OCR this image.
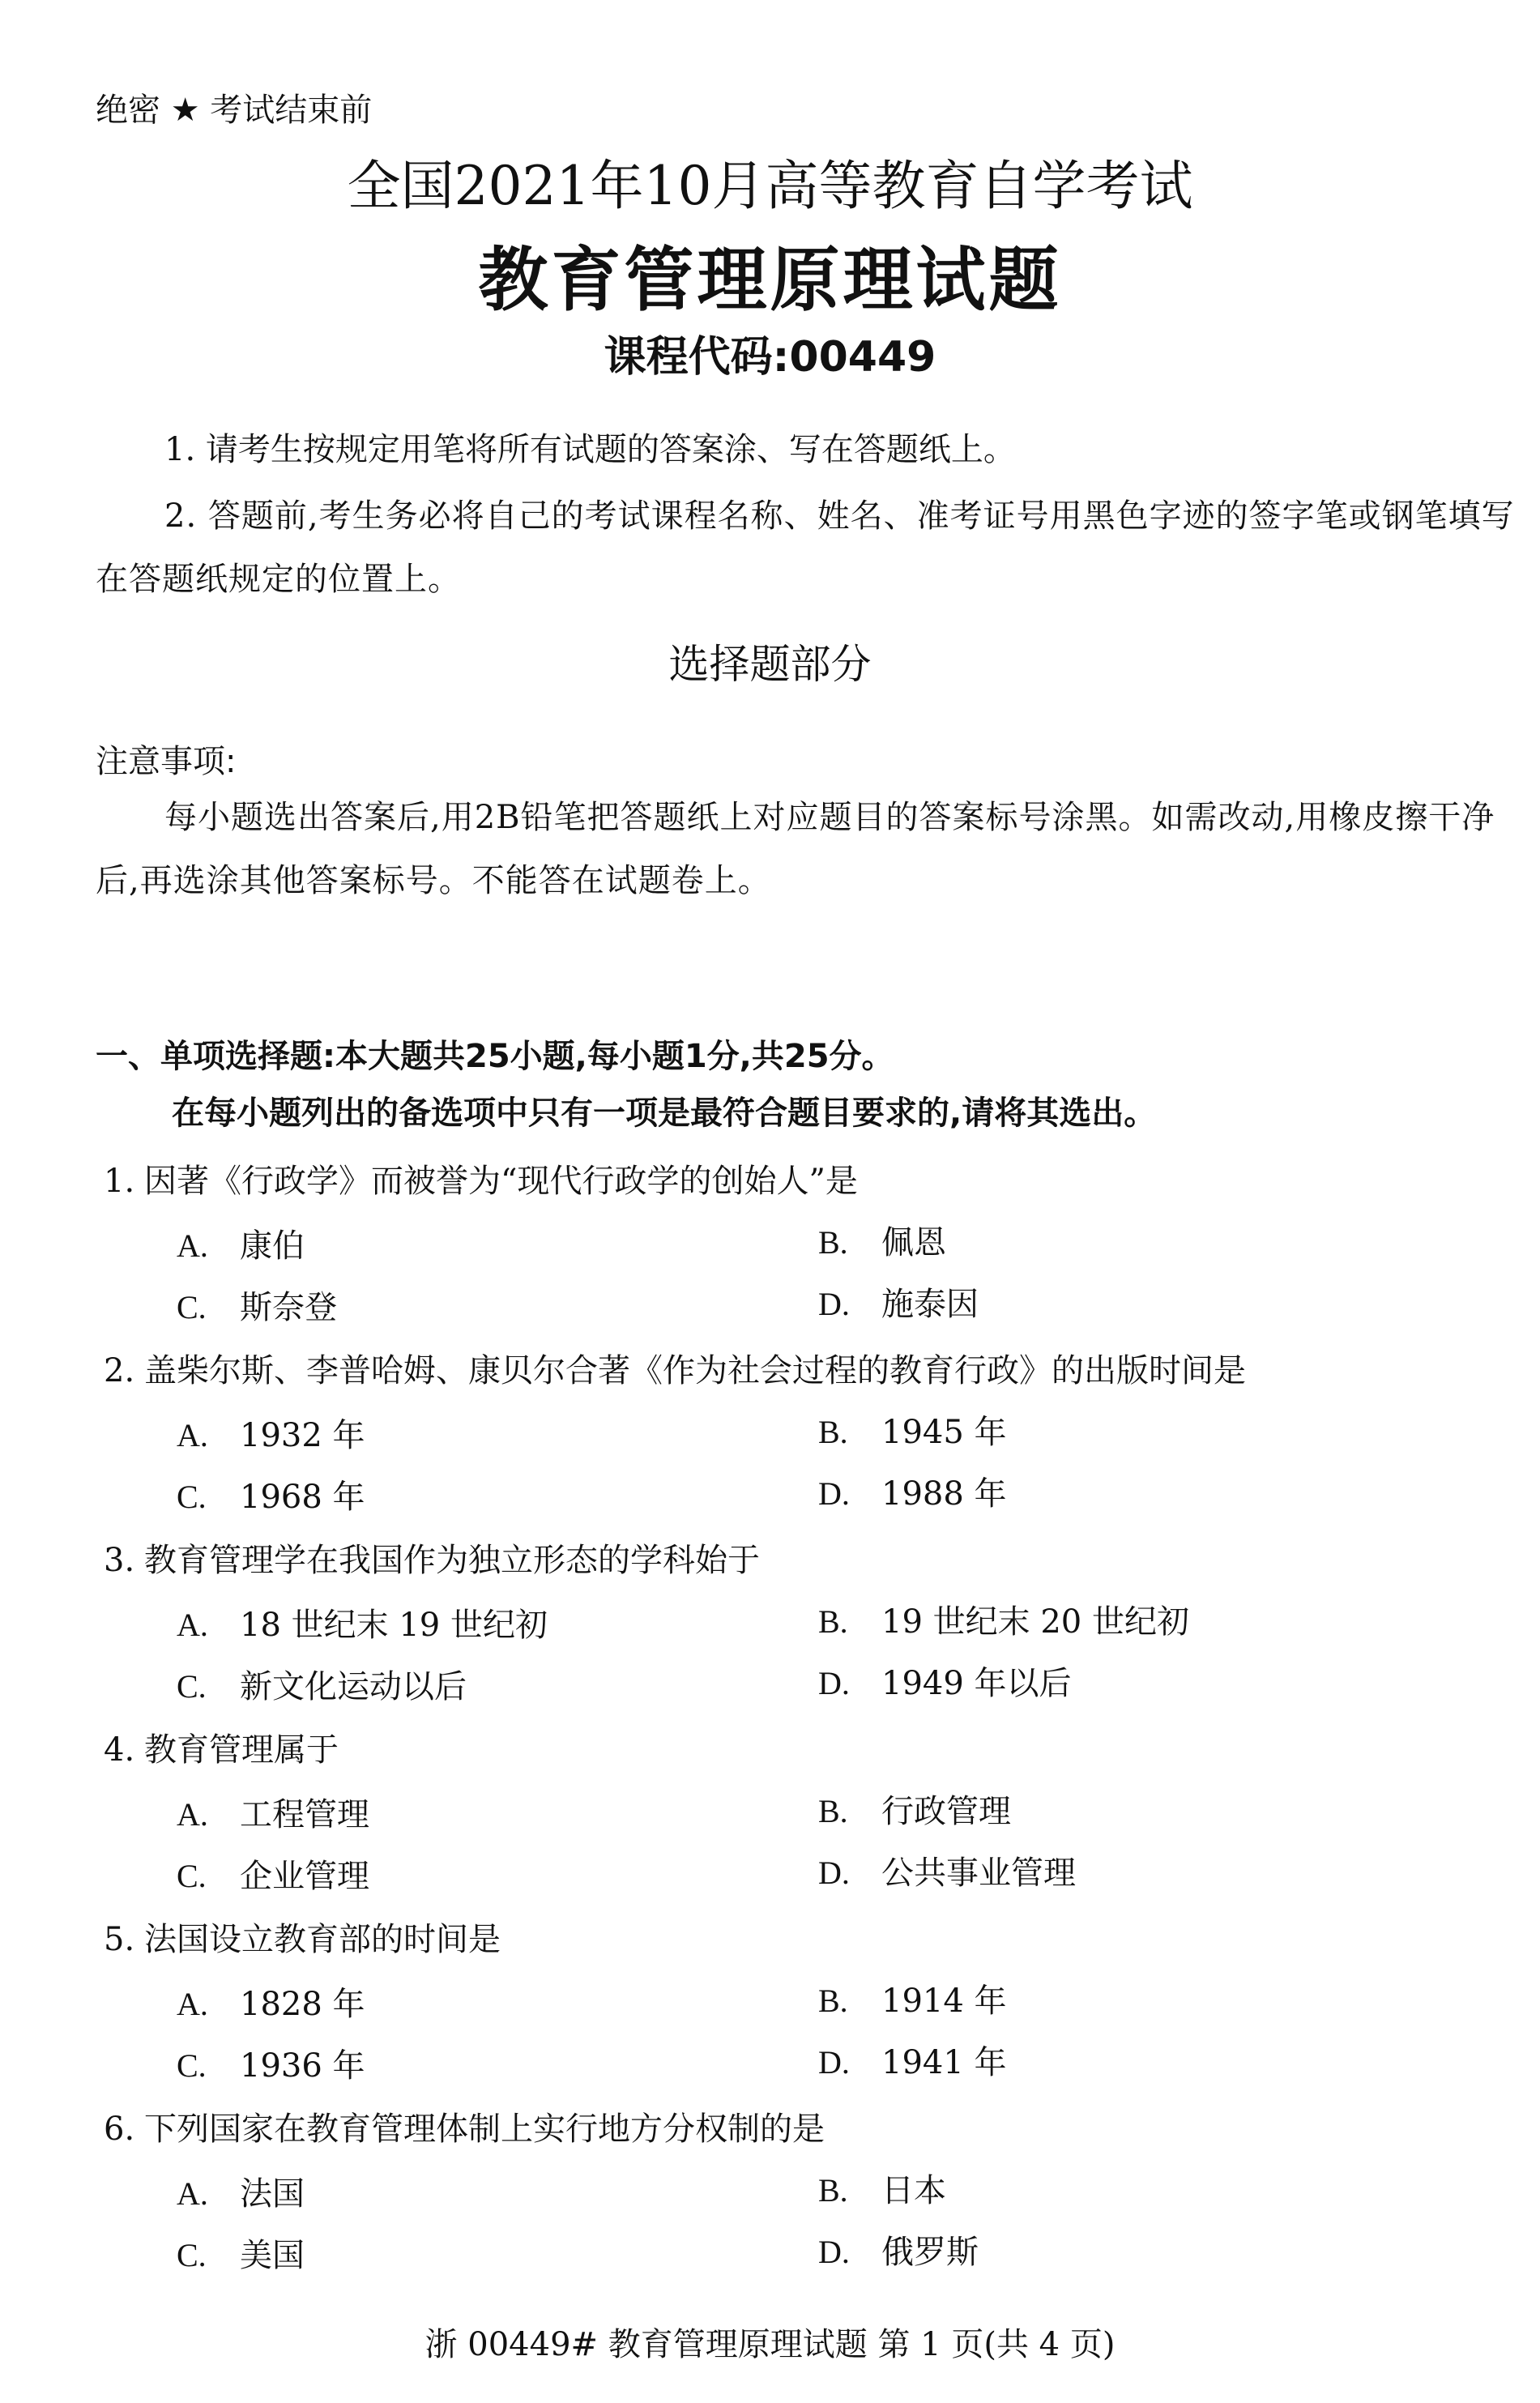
绝密 ★ 考试结束前
全国2021年10月高等教育自学考试
教育管理原理试题
课程代码:00449
1. 请考生按规定用笔将所有试题的答案涂、写在答题纸上。
2. 答题前,考生务必将自己的考试课程名称、姓名、准考证号用黑色字迹的签字笔或钢笔填写在答题纸规定的位置上。
选择题部分
注意事项:
每小题选出答案后,用2B铅笔把答题纸上对应题目的答案标号涂黑。如需改动,用橡皮擦干净后,再选涂其他答案标号。不能答在试题卷上。
一、单项选择题:本大题共25小题,每小题1分,共25分。
在每小题列出的备选项中只有一项是最符合题目要求的,请将其选出。
1. 因著《行政学》而被誉为“现代行政学的创始人”是
A. 康伯	B. 佩恩
C. 斯奈登	D. 施泰因
2. 盖柴尔斯、李普哈姆、康贝尔合著《作为社会过程的教育行政》的出版时间是
A. 1932 年	B. 1945 年
C. 1968 年	D. 1988 年
3. 教育管理学在我国作为独立形态的学科始于
A. 18 世纪末 19 世纪初	B. 19 世纪末 20 世纪初
C. 新文化运动以后	D. 1949 年以后
4. 教育管理属于
A. 工程管理	B. 行政管理
C. 企业管理	D. 公共事业管理
5. 法国设立教育部的时间是
A. 1828 年	B. 1914 年
C. 1936 年	D. 1941 年
6. 下列国家在教育管理体制上实行地方分权制的是
A. 法国	B. 日本
C. 美国	D. 俄罗斯
浙 00449# 教育管理原理试题 第 1 页(共 4 页)
